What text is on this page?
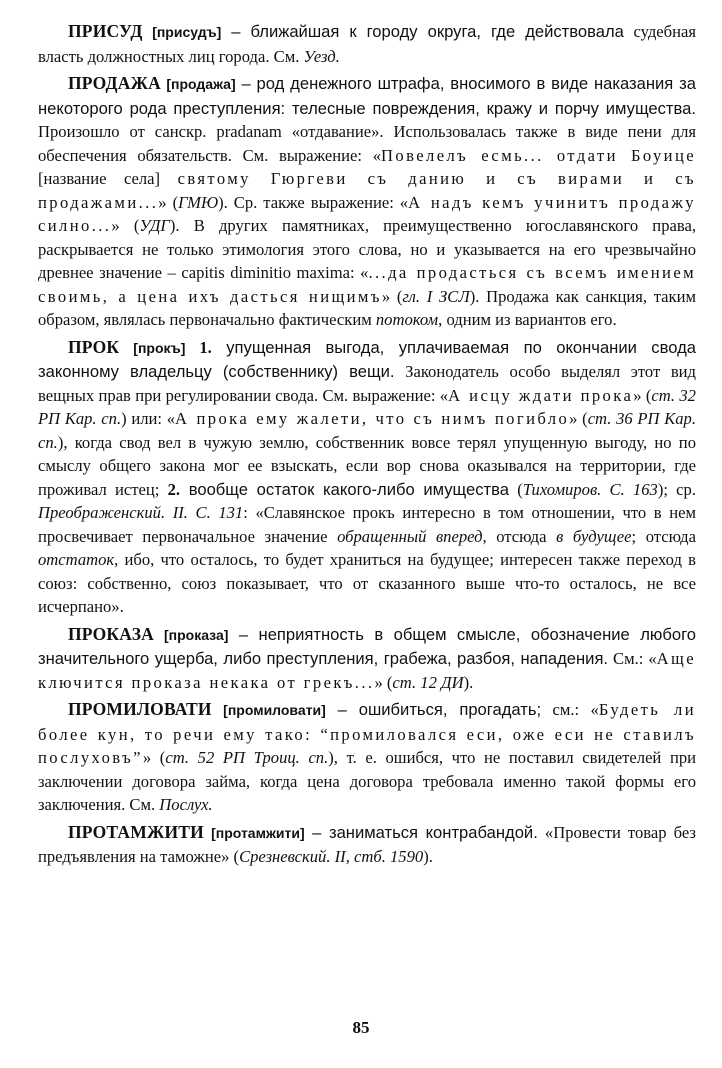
ПРИСУД [присудъ] – ближайшая к городу округа, где действовала судебная власть должностных лиц города. См. Уезд.

ПРОДАЖА [продажа] – род денежного штрафа, вносимого в виде наказания за некоторого рода преступления: телесные повреждения, кражу и порчу имущества. Произошло от санскр. pradanam «отдавание». Использовалась также в виде пени для обеспечения обязательств. См. выражение: «Повелелъ есмь... отдати Боуице [название села] святому Гюргеви съ данию и съ вирами и съ продажами...» (ГМЮ). Ср. также выражение: «А надъ кемъ учинитъ продажу силно...» (УДГ). В других памятниках, преимущественно югославянского права, раскрывается не только этимология этого слова, но и указывается на его чрезвычайно древнее значение – capitis diminitio maxima: «...да продасться съ всемъ имением своимь, а цена ихъ дасться нищимъ» (гл. I ЗСЛ). Продажа как санкция, таким образом, являлась первоначально фактическим потоком, одним из вариантов его.

ПРОК [прокъ] 1. упущенная выгода, уплачиваемая по окончании свода законному владельцу (собственнику) вещи. Законодатель особо выделял этот вид вещных прав при регулировании свода. См. выражение: «А исцу ждати прока» (ст. 32 РП Кар. сп.) или: «А прока ему жалети, что съ нимъ погибло» (ст. 36 РП Кар. сп.), когда свод вел в чужую землю, собственник вовсе терял упущенную выгоду, но по смыслу общего закона мог ее взыскать, если вор снова оказывался на территории, где проживал истец; 2. вообще остаток какого-либо имущества (Тихомиров. С. 163); ср. Преображенский. II. С. 131: «Славянское прокъ интересно в том отношении, что в нем просвечивает первоначальное значение обращенный вперед, отсюда в будущее; отсюда отстаток, ибо, что осталось, то будет храниться на будущее; интересен также переход в союз: собственно, союз показывает, что от сказанного выше что-то осталось, не все исчерпано».

ПРОКАЗА [проказа] – неприятность в общем смысле, обозначение любого значительного ущерба, либо преступления, грабежа, разбоя, нападения. См.: «Аще ключится проказа некака от грекъ...» (ст. 12 ДИ).

ПРОМИЛОВАТИ [промиловати] – ошибиться, прогадать; см.: «Будеть ли более кун, то речи ему тако: “промиловался еси, оже еси не ставилъ послуховъ”» (ст. 52 РП Троиц. сп.), т. е. ошибся, что не поставил свидетелей при заключении договора займа, когда цена договора требовала именно такой формы его заключения. См. Послух.

ПРОТАМЖИТИ [протамжити] – заниматься контрабандой. «Провести товар без предъявления на таможне» (Срезневский. II, стб. 1590).

85
